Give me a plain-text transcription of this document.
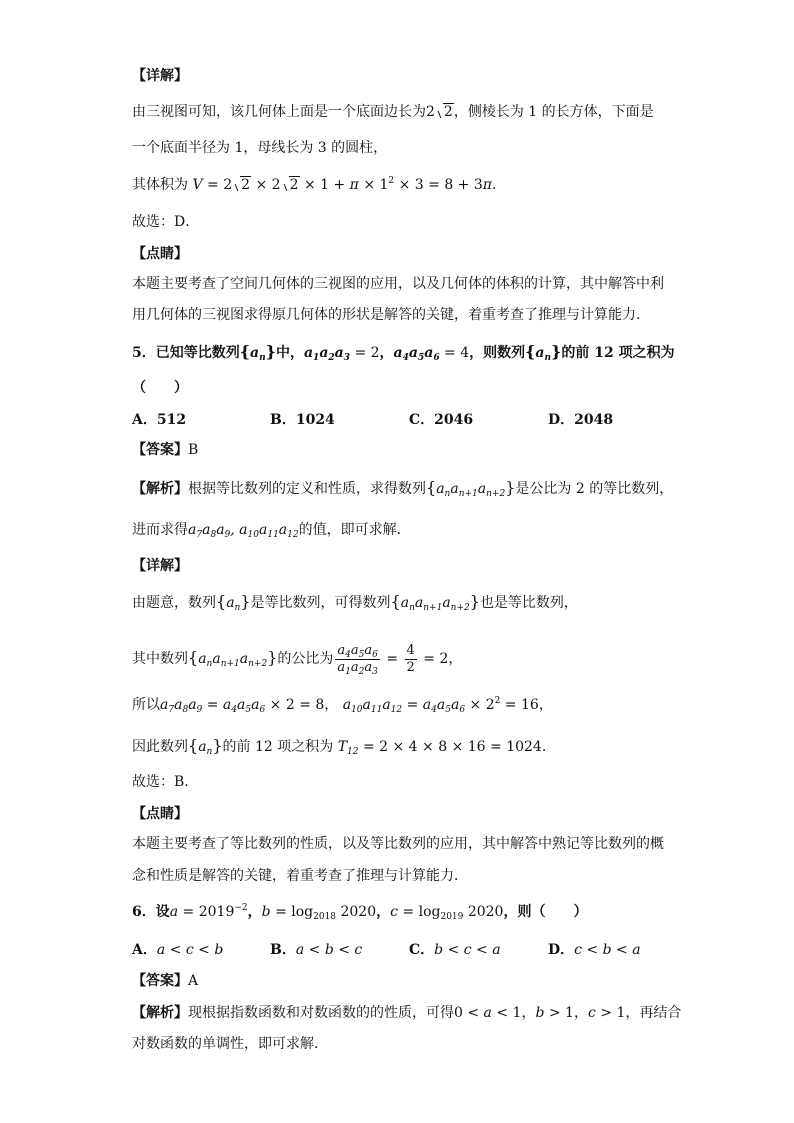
【详解】
由三视图可知，该几何体上面是一个底面边长为2 2，侧棱长为 1 的长方体，下面是
一个底面半径为 1，母线长为 3 的圆柱，
其体积为 V = 2 2 × 2 $2 \times 1 + \pi \times 1^2 \times 3 = 8 + 3\pi$.
故选：D．
【点睛】
本题主要考查了空间几何体的三视图的应用，以及几何体的体积的计算，其中解答中利
用几何体的三视图求得原几何体的形状是解答的关键，着重考查了推理与计算能力．
5．已知等比数列$\{a_n\}$中，$a_1a_2a_3 = 2$，$a_4a_5a_6 = 4$，则数列$\{a_n\}$的前 12 项之积为
（　　）
A．512	B．1024	C．2046	D．2048
【答案】B
【解析】根据等比数列的定义和性质，求得数列$\{a_na_{n+1}a_{n+2}\}$是公比为 2 的等比数列，
进而求得$a_7a_8a_9$, $a_{10}a_{11}a_{12}$的值，即可求解．
【详解】
由题意，数列$\{a_n\}$是等比数列，可得数列$\{a_na_{n+1}a_{n+2}\}$也是等比数列，
其中数列$\{a_na_{n+1}a_{n+2}\}$的公比为 $\frac{a_4a_5a_6}{a_1a_2a_3} = \frac{4}{2} = 2$，
所以$a_7a_8a_9 = a_4a_5a_6 \times 2 = 8$， $a_{10}a_{11}a_{12} = a_4a_5a_6 \times 2^2 = 16$，
因此数列$\{a_n\}$的前 12 项之积为 $T_{12} = 2 \times 4 \times 8 \times 16 = 1024$.
故选：B．
【点睛】
本题主要考查了等比数列的性质，以及等比数列的应用，其中解答中熟记等比数列的概
念和性质是解答的关键，着重考查了推理与计算能力．
6．设$a = 2019^{-2}$，$b = \log_{2018} 2020$，$c = \log_{2019} 2020$，则（　　）
A．a < c < b	B．a < b < c	C．b < c < a	D．c < b < a
【答案】A
【解析】现根据指数函数和对数函数的的性质，可得0 < a < 1，b > 1，c > 1，再结合
对数函数的单调性，即可求解．
